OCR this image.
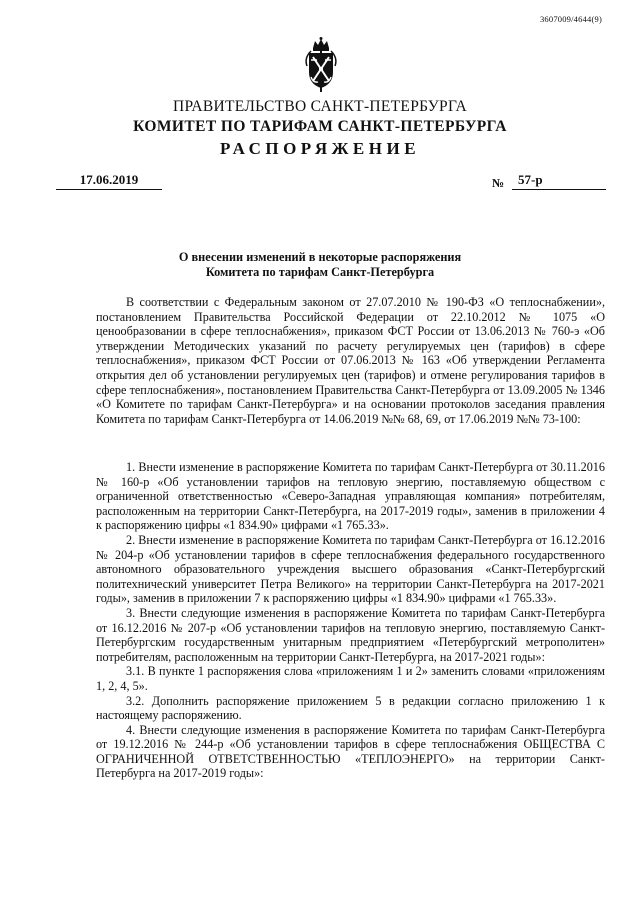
3607009/4644(9)
ПРАВИТЕЛЬСТВО САНКТ-ПЕТЕРБУРГА
КОМИТЕТ ПО ТАРИФАМ САНКТ-ПЕТЕРБУРГА
РАСПОРЯЖЕНИЕ
17.06.2019	№	57-р
О внесении изменений в некоторые распоряжения
Комитета по тарифам Санкт-Петербурга

В соответствии с Федеральным законом от 27.07.2010 № 190-ФЗ «О теплоснабжении», постановлением Правительства Российской Федерации от 22.10.2012 № 1075 «О ценообразовании в сфере теплоснабжения», приказом ФСТ России от 13.06.2013 № 760-э «Об утверждении Методических указаний по расчету регулируемых цен (тарифов) в сфере теплоснабжения», приказом ФСТ России от 07.06.2013 № 163 «Об утверждении Регламента открытия дел об установлении регулируемых цен (тарифов) и отмене регулирования тарифов в сфере теплоснабжения», постановлением Правительства Санкт-Петербурга от 13.09.2005 № 1346 «О Комитете по тарифам Санкт-Петербурга» и на основании протоколов заседания правления Комитета по тарифам Санкт-Петербурга от 14.06.2019 №№ 68, 69, от 17.06.2019 №№ 73-100:

1. Внести изменение в распоряжение Комитета по тарифам Санкт-Петербурга от 30.11.2016 № 160-р «Об установлении тарифов на тепловую энергию, поставляемую обществом с ограниченной ответственностью «Северо-Западная управляющая компания» потребителям, расположенным на территории Санкт-Петербурга, на 2017-2019 годы», заменив в приложении 4 к распоряжению цифры «1 834.90» цифрами «1 765.33».

2. Внести изменение в распоряжение Комитета по тарифам Санкт-Петербурга от 16.12.2016 № 204-р «Об установлении тарифов в сфере теплоснабжения федерального государственного автономного образовательного учреждения высшего образования «Санкт-Петербургский политехнический университет Петра Великого» на территории Санкт-Петербурга на 2017-2021 годы», заменив в приложении 7 к распоряжению цифры «1 834.90» цифрами «1 765.33».

3. Внести следующие изменения в распоряжение Комитета по тарифам Санкт-Петербурга от 16.12.2016 № 207-р «Об установлении тарифов на тепловую энергию, поставляемую Санкт-Петербургским государственным унитарным предприятием «Петербургский метрополитен» потребителям, расположенным на территории Санкт-Петербурга, на 2017-2021 годы»:

3.1. В пункте 1 распоряжения слова «приложениям 1 и 2» заменить словами «приложениям 1, 2, 4, 5».

3.2. Дополнить распоряжение приложением 5 в редакции согласно приложению 1 к настоящему распоряжению.

4. Внести следующие изменения в распоряжение Комитета по тарифам Санкт-Петербурга от 19.12.2016 № 244-р «Об установлении тарифов в сфере теплоснабжения ОБЩЕСТВА С ОГРАНИЧЕННОЙ ОТВЕТСТВЕННОСТЬЮ «ТЕПЛОЭНЕРГО» на территории Санкт-Петербурга на 2017-2019 годы»:
